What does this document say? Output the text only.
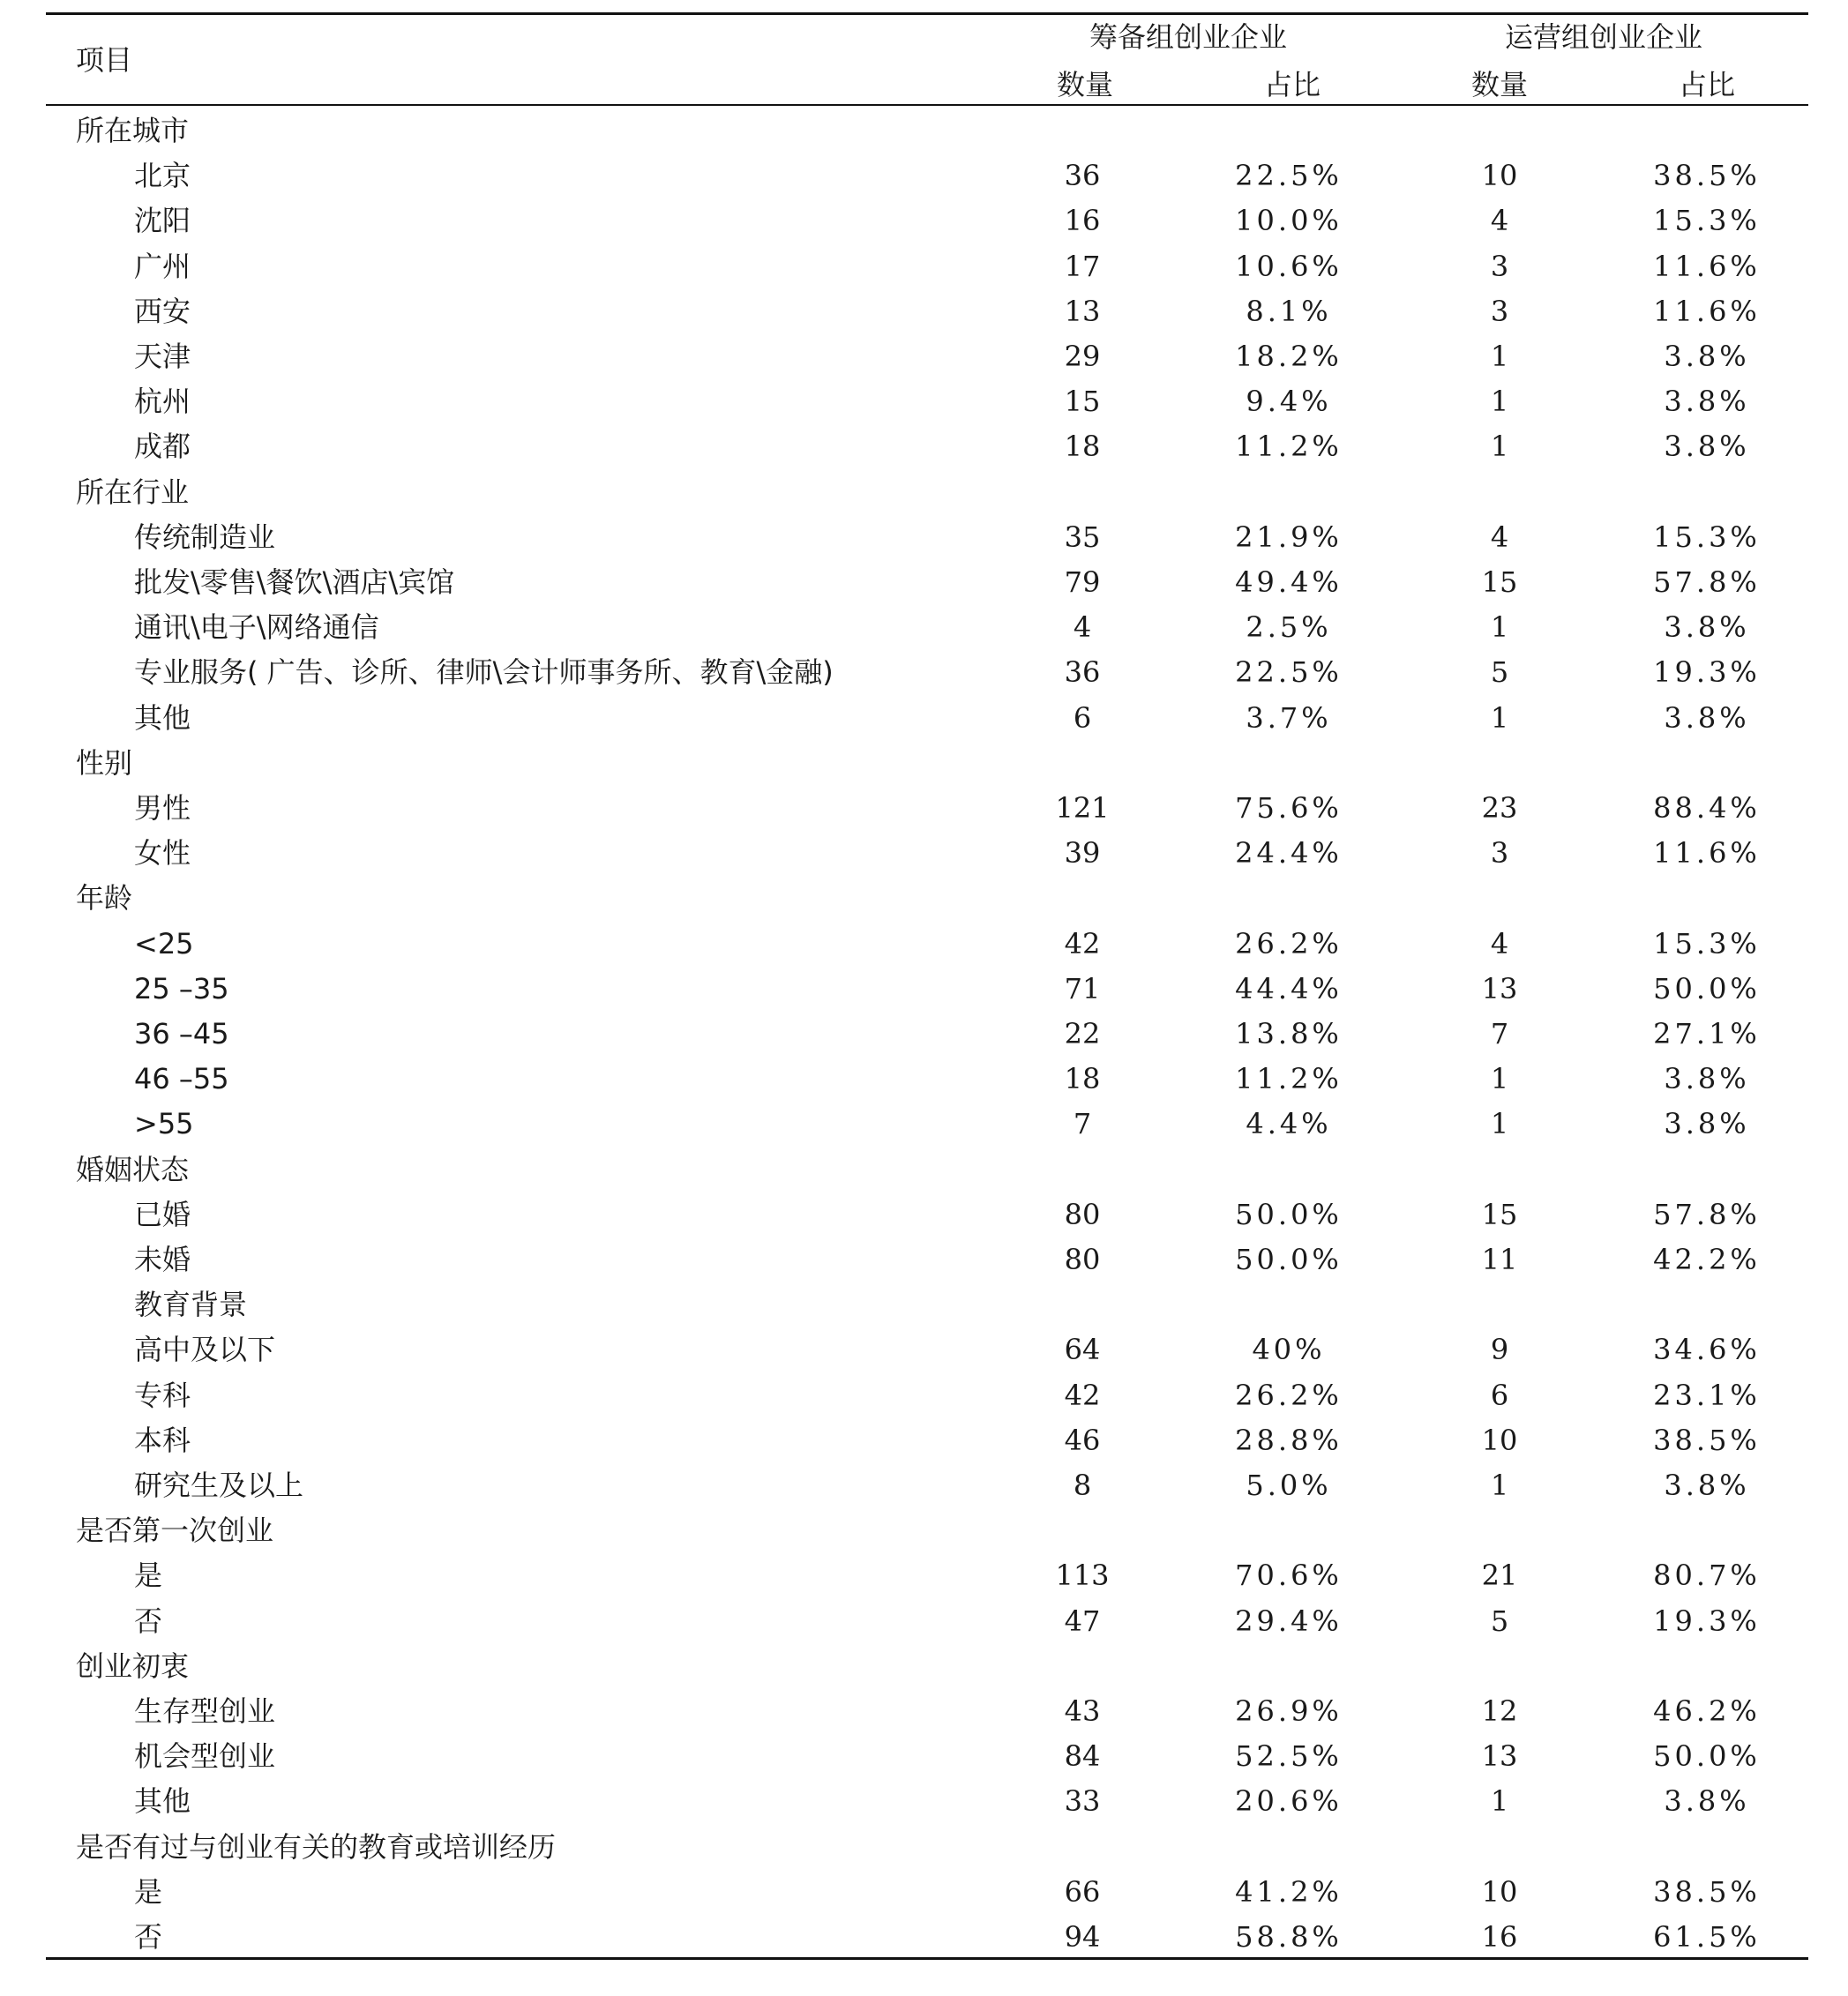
项目
筹备组创业企业	运营组创业企业
数量	占比	数量	占比
所在城市
北京	36	22.5%	10	38.5%
沈阳	16	10.0%	4	15.3%
广州	17	10.6%	3	11.6%
西安	13	8.1%	3	11.6%
天津	29	18.2%	1	3.8%
杭州	15	9.4%	1	3.8%
成都	18	11.2%	1	3.8%
所在行业
传统制造业	35	21.9%	4	15.3%
批发\零售\餐饮\酒店\宾馆	79	49.4%	15	57.8%
通讯\电子\网络通信	4	2.5%	1	3.8%
专业服务( 广告、诊所、律师\会计师事务所、教育\金融)	36	22.5%	5	19.3%
其他	6	3.7%	1	3.8%
性别
男性	121	75.6%	23	88.4%
女性	39	24.4%	3	11.6%
年龄
<25	42	26.2%	4	15.3%
25 –35	71	44.4%	13	50.0%
36 –45	22	13.8%	7	27.1%
46 –55	18	11.2%	1	3.8%
>55	7	4.4%	1	3.8%
婚姻状态
已婚	80	50.0%	15	57.8%
未婚	80	50.0%	11	42.2%
教育背景
高中及以下	64	40%	9	34.6%
专科	42	26.2%	6	23.1%
本科	46	28.8%	10	38.5%
研究生及以上	8	5.0%	1	3.8%
是否第一次创业
是	113	70.6%	21	80.7%
否	47	29.4%	5	19.3%
创业初衷
生存型创业	43	26.9%	12	46.2%
机会型创业	84	52.5%	13	50.0%
其他	33	20.6%	1	3.8%
是否有过与创业有关的教育或培训经历
是	66	41.2%	10	38.5%
否	94	58.8%	16	61.5%
